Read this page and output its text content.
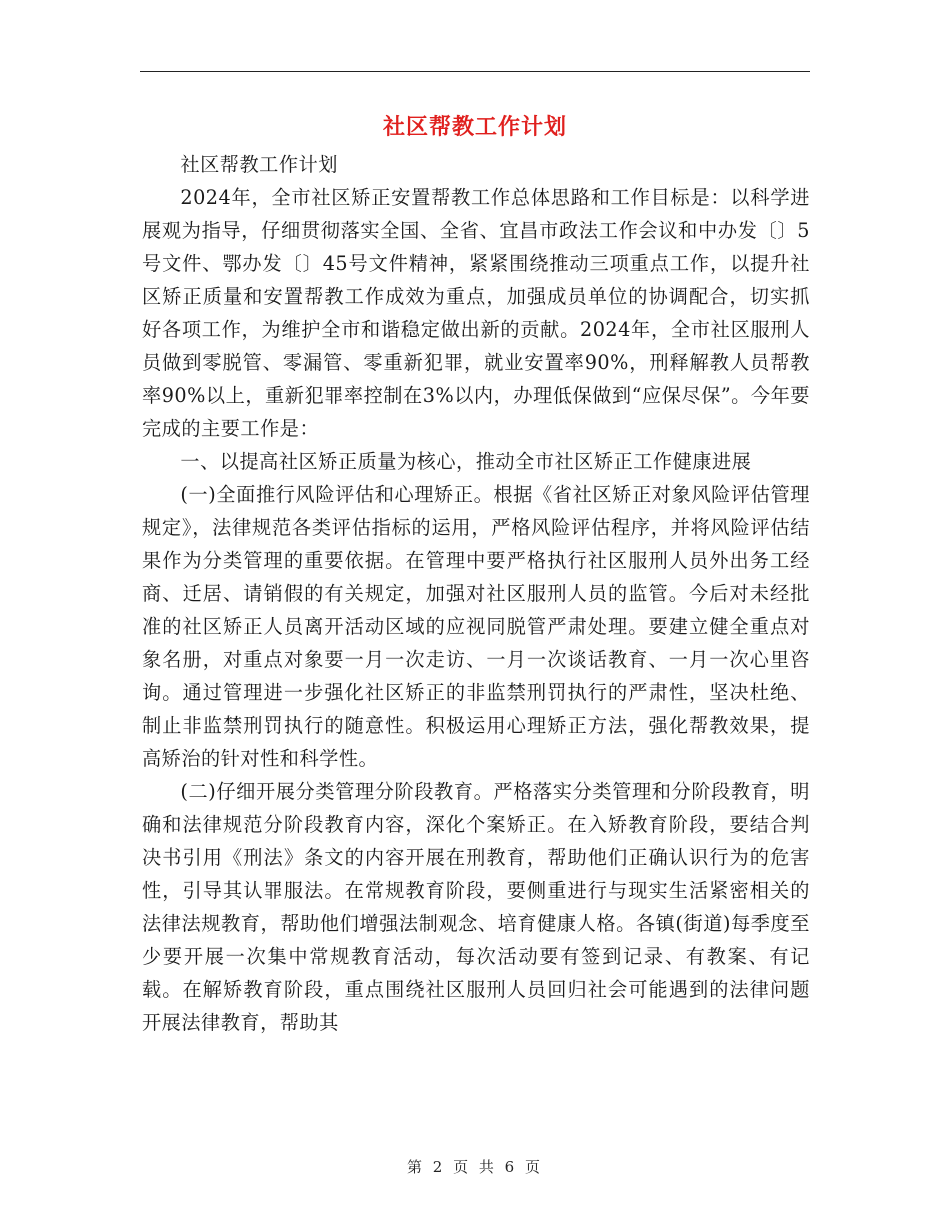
社区帮教工作计划

社区帮教工作计划

2024年，全市社区矫正安置帮教工作总体思路和工作目标是：以科学进展观为指导，仔细贯彻落实全国、全省、宜昌市政法工作会议和中办发〔〕5号文件、鄂办发〔〕45号文件精神，紧紧围绕推动三项重点工作，以提升社区矫正质量和安置帮教工作成效为重点，加强成员单位的协调配合，切实抓好各项工作，为维护全市和谐稳定做出新的贡献。2024年，全市社区服刑人员做到零脱管、零漏管、零重新犯罪，就业安置率90%，刑释解教人员帮教率90%以上，重新犯罪率控制在3%以内，办理低保做到“应保尽保”。今年要完成的主要工作是：

一、以提高社区矫正质量为核心，推动全市社区矫正工作健康进展

(一)全面推行风险评估和心理矫正。根据《省社区矫正对象风险评估管理规定》，法律规范各类评估指标的运用，严格风险评估程序，并将风险评估结果作为分类管理的重要依据。在管理中要严格执行社区服刑人员外出务工经商、迁居、请销假的有关规定，加强对社区服刑人员的监管。今后对未经批准的社区矫正人员离开活动区域的应视同脱管严肃处理。要建立健全重点对象名册，对重点对象要一月一次走访、一月一次谈话教育、一月一次心里咨询。通过管理进一步强化社区矫正的非监禁刑罚执行的严肃性，坚决杜绝、制止非监禁刑罚执行的随意性。积极运用心理矫正方法，强化帮教效果，提高矫治的针对性和科学性。

(二)仔细开展分类管理分阶段教育。严格落实分类管理和分阶段教育，明确和法律规范分阶段教育内容，深化个案矫正。在入矫教育阶段，要结合判决书引用《刑法》条文的内容开展在刑教育，帮助他们正确认识行为的危害性，引导其认罪服法。在常规教育阶段，要侧重进行与现实生活紧密相关的法律法规教育，帮助他们增强法制观念、培育健康人格。各镇(街道)每季度至少要开展一次集中常规教育活动，每次活动要有签到记录、有教案、有记载。在解矫教育阶段，重点围绕社区服刑人员回归社会可能遇到的法律问题开展法律教育，帮助其

第 2 页 共 6 页
